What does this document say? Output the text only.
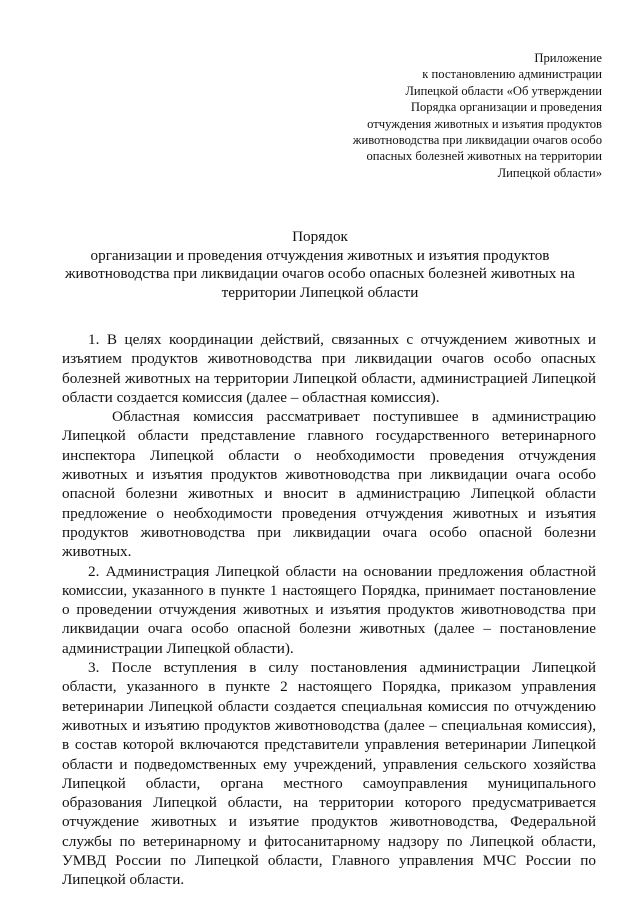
Приложение
к постановлению администрации
Липецкой области «Об утверждении
Порядка организации и проведения
отчуждения животных и изъятия продуктов
животноводства при ликвидации очагов особо
опасных болезней животных на территории
Липецкой области»
Порядок
организации и проведения отчуждения животных и изъятия продуктов
животноводства при ликвидации очагов особо опасных болезней животных на
территории Липецкой области
1. В целях координации действий, связанных с отчуждением животных и
изъятием продуктов животноводства при ликвидации очагов особо опасных
болезней животных на территории Липецкой области, администрацией Липецкой
области создается комиссия (далее – областная комиссия).
Областная комиссия рассматривает поступившее в администрацию
Липецкой области представление главного государственного ветеринарного
инспектора Липецкой области о необходимости проведения отчуждения
животных и изъятия продуктов животноводства при ликвидации очага особо
опасной болезни животных и вносит в администрацию Липецкой области
предложение о необходимости проведения отчуждения животных и изъятия
продуктов животноводства при ликвидации очага особо опасной болезни
животных.
2. Администрация Липецкой области на основании предложения областной
комиссии, указанного в пункте 1 настоящего Порядка, принимает постановление
о проведении отчуждения животных и изъятия продуктов животноводства при
ликвидации очага особо опасной болезни животных (далее – постановление
администрации Липецкой области).
3. После вступления в силу постановления администрации Липецкой
области, указанного в пункте 2 настоящего Порядка, приказом управления
ветеринарии Липецкой области создается специальная комиссия по отчуждению
животных и изъятию продуктов животноводства (далее – специальная комиссия),
в состав которой включаются представители управления ветеринарии Липецкой
области и подведомственных ему учреждений, управления сельского хозяйства
Липецкой области, органа местного самоуправления муниципального
образования Липецкой области, на территории которого предусматривается
отчуждение животных и изъятие продуктов животноводства, Федеральной
службы по ветеринарному и фитосанитарному надзору по Липецкой области,
УМВД России по Липецкой области, Главного управления МЧС России по
Липецкой области.
